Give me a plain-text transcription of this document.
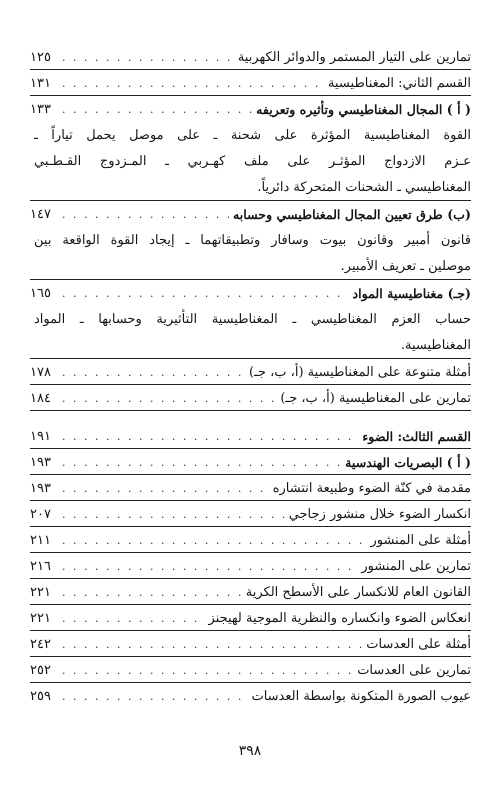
تمارين على التيار المستمر والدوائر الكهربية
. . .
١٢٥
القسم الثاني: المغناطيسية
. . .
١٣١
( أ ) المجال المغناطيسي وتأثيره وتعريفه
. . .
١٣٣
القوة المغناطيسية المؤثرة على شحنة ـ على موصل يحمل تياراً ـ
عـزم الازدواج المؤثـر على ملف كهـربي ـ المـزدوج القـطـبي
المغناطيسي ـ الشحنات المتحركة دائرياً.
(ب) طرق تعيين المجال المغناطيسي وحسابه
. . .
١٤٧
قانون أمبير وقانون بيوت وسافار وتطبيقاتهما ـ إيجاد القوة الواقعة بين
موصلين ـ تعريف الأمبير.
(جـ) مغناطيسية المواد
. . .
١٦٥
حساب العزم المغناطيسي ـ المغناطيسية التأثيرية وحسابها ـ المواد
المغناطيسية.
أمثلة متنوعة على المغناطيسية (أ، ب، جـ)
. . .
١٧٨
تمارين على المغناطيسية (أ، ب، جـ)
. . .
١٨٤
القسم الثالث: الضوء
. . .
١٩١
( أ ) البصريات الهندسية
. . .
١٩٣
مقدمة في كنّة الضوء وطبيعة انتشاره
. . .
١٩٣
انكسار الضوء خلال منشور زجاجي
. . .
٢٠٧
أمثلة على المنشور
. . .
٢١١
تمارين على المنشور
. . .
٢١٦
القانون العام للانكسار على الأسطح الكرية
. . .
٢٢١
انعكاس الضوء وانكساره والنظرية الموجية لهيجنز
. . .
٢٢١
أمثلة على العدسات
. . .
٢٤٢
تمارين على العدسات
. . .
٢٥٢
عيوب الصورة المتكونة بواسطة العدسات
. . .
٢٥٩
٣٩٨
